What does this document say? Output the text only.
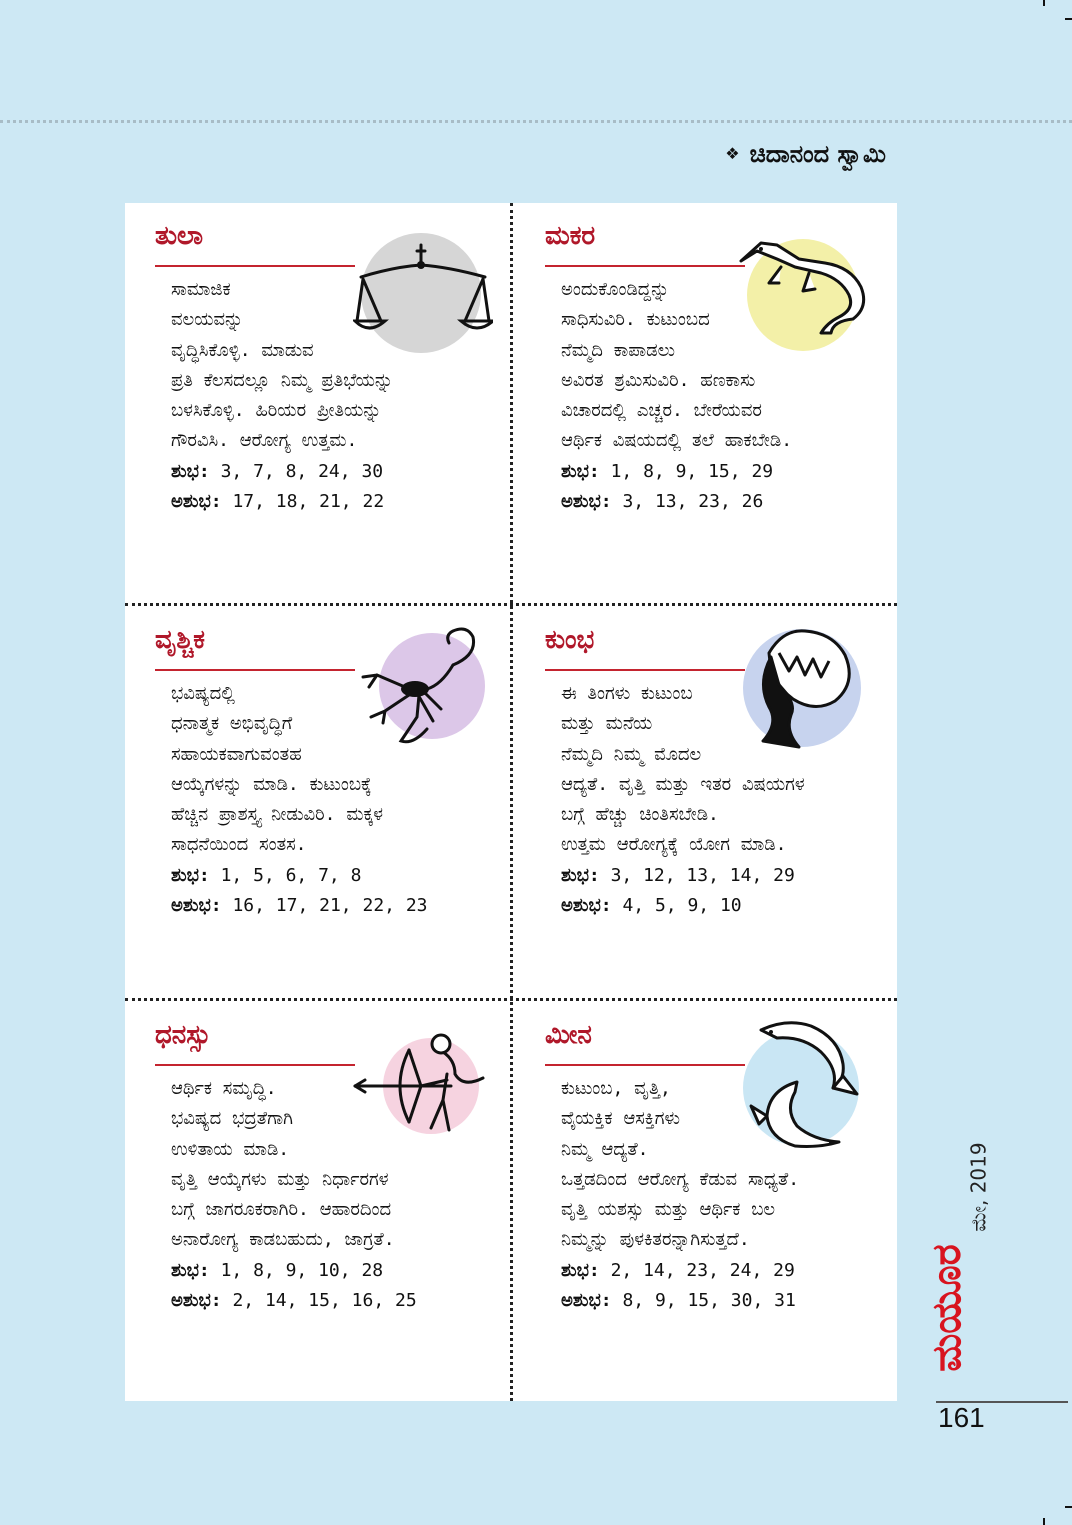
❖ ಚಿದಾನಂದ ಸ್ವಾಮಿ
ತುಲಾ
ಸಾಮಾಜಿಕ
ವಲಯವನ್ನು
ವೃದ್ಧಿಸಿಕೊಳ್ಳಿ. ಮಾಡುವ
ಪ್ರತಿ ಕೆಲಸದಲ್ಲೂ ನಿಮ್ಮ ಪ್ರತಿಭೆಯನ್ನು
ಬಳಸಿಕೊಳ್ಳಿ. ಹಿರಿಯರ ಪ್ರೀತಿಯನ್ನು
ಗೌರವಿಸಿ. ಆರೋಗ್ಯ ಉತ್ತಮ.
ಶುಭ: 3, 7, 8, 24, 30
ಅಶುಭ: 17, 18, 21, 22
ಮಕರ
ಅಂದುಕೊಂಡಿದ್ದನ್ನು
ಸಾಧಿಸುವಿರಿ. ಕುಟುಂಬದ
ನೆಮ್ಮದಿ ಕಾಪಾಡಲು
ಅವಿರತ ಶ್ರಮಿಸುವಿರಿ. ಹಣಕಾಸು
ವಿಚಾರದಲ್ಲಿ ಎಚ್ಚರ. ಬೇರೆಯವರ
ಆರ್ಥಿಕ ವಿಷಯದಲ್ಲಿ ತಲೆ ಹಾಕಬೇಡಿ.
ಶುಭ: 1, 8, 9, 15, 29
ಅಶುಭ: 3, 13, 23, 26
ವೃಶ್ಚಿಕ
ಭವಿಷ್ಯದಲ್ಲಿ
ಧನಾತ್ಮಕ ಅಭಿವೃದ್ಧಿಗೆ
ಸಹಾಯಕವಾಗುವಂತಹ
ಆಯ್ಕೆಗಳನ್ನು ಮಾಡಿ. ಕುಟುಂಬಕ್ಕೆ
ಹೆಚ್ಚಿನ ಪ್ರಾಶಸ್ತ್ಯ ನೀಡುವಿರಿ. ಮಕ್ಕಳ
ಸಾಧನೆಯಿಂದ ಸಂತಸ.
ಶುಭ: 1, 5, 6, 7, 8
ಅಶುಭ: 16, 17, 21, 22, 23
ಕುಂಭ
ಈ ತಿಂಗಳು ಕುಟುಂಬ
ಮತ್ತು ಮನೆಯ
ನೆಮ್ಮದಿ ನಿಮ್ಮ ಮೊದಲ
ಆದ್ಯತೆ. ವೃತ್ತಿ ಮತ್ತು ಇತರ ವಿಷಯಗಳ
ಬಗ್ಗೆ ಹೆಚ್ಚು ಚಿಂತಿಸಬೇಡಿ.
ಉತ್ತಮ ಆರೋಗ್ಯಕ್ಕೆ ಯೋಗ ಮಾಡಿ.
ಶುಭ: 3, 12, 13, 14, 29
ಅಶುಭ: 4, 5, 9, 10
ಧನಸ್ಸು
ಆರ್ಥಿಕ ಸಮೃದ್ಧಿ.
ಭವಿಷ್ಯದ ಭದ್ರತೆಗಾಗಿ
ಉಳಿತಾಯ ಮಾಡಿ.
ವೃತ್ತಿ ಆಯ್ಕೆಗಳು ಮತ್ತು ನಿರ್ಧಾರಗಳ
ಬಗ್ಗೆ ಜಾಗರೂಕರಾಗಿರಿ. ಆಹಾರದಿಂದ
ಅನಾರೋಗ್ಯ ಕಾಡಬಹುದು, ಜಾಗ್ರತೆ.
ಶುಭ: 1, 8, 9, 10, 28
ಅಶುಭ: 2, 14, 15, 16, 25
ಮೀನ
ಕುಟುಂಬ, ವೃತ್ತಿ,
ವೈಯಕ್ತಿಕ ಆಸಕ್ತಿಗಳು
ನಿಮ್ಮ ಆದ್ಯತೆ.
ಒತ್ತಡದಿಂದ ಆರೋಗ್ಯ ಕೆಡುವ ಸಾಧ್ಯತೆ.
ವೃತ್ತಿ ಯಶಸ್ಸು ಮತ್ತು ಆರ್ಥಿಕ ಬಲ
ನಿಮ್ಮನ್ನು ಪುಳಕಿತರನ್ನಾಗಿಸುತ್ತದೆ.
ಶುಭ: 2, 14, 23, 24, 29
ಅಶುಭ: 8, 9, 15, 30, 31
ಮೇ, 2019
ಮಯೂರ
161
